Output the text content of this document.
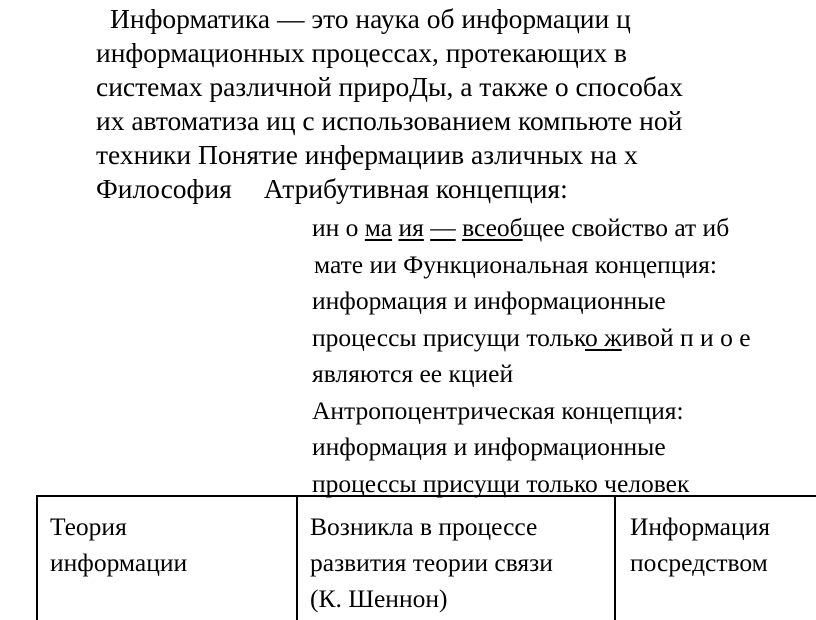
Информатика — это наука об информации ц
информационных процессах, протекающих в
системах различной прироДы, а также о способах
их автоматиза иц с использованием компьюте ной
техники Понятие инфермациив азличных на х
Философия Атрибутивная концепция:
ин о ма ия — всеобщее свойство ат иб
мате ии Функциональная концепция:
информация и информационные
процессы присущи только живой п и о е
являются ее кцией
Антропоцентрическая концепция:
информация и информационные
процессы присущи только человек
Теория
информации
Возникла в процессе
развития теории связи
(К. Шеннон)
Информация
посредством
